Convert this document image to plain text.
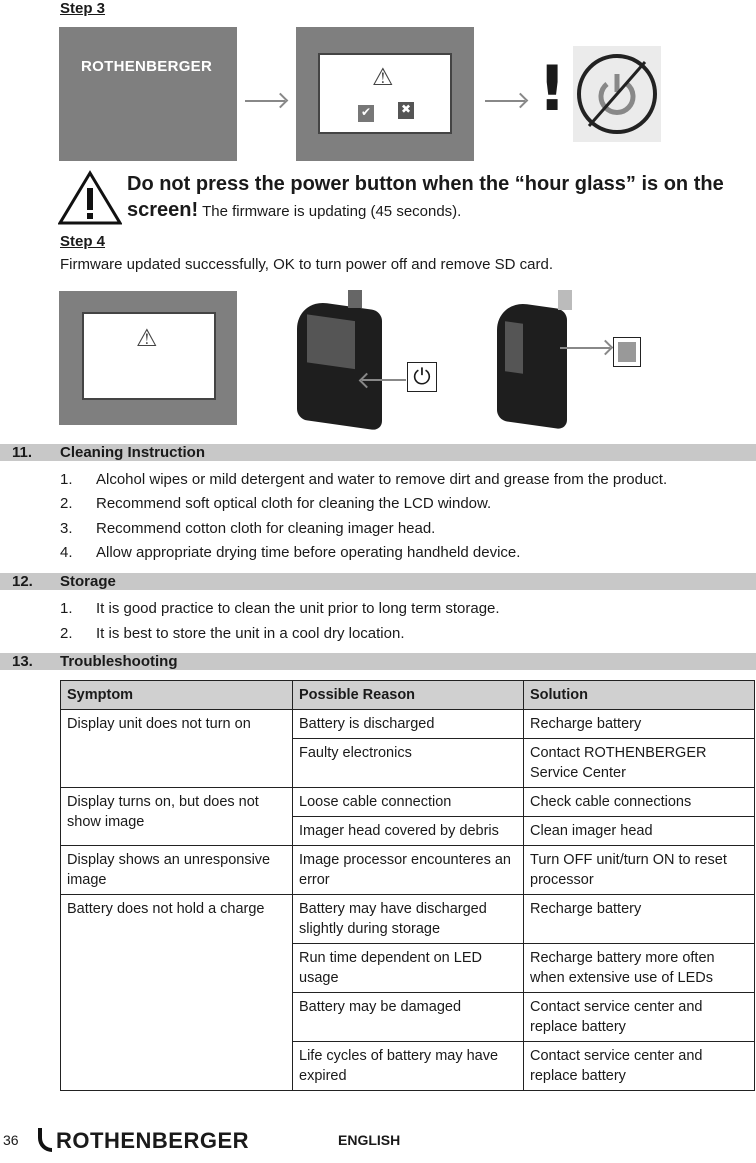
Step 3
ROTHENBERGER	⚠
✔ ✖ !
Do not press the power button when the “hour glass” is on the screen! The firmware is updating (45 seconds).
Step 4
Firmware updated successfully, OK to turn power off and remove SD card.
⚠
⏻
11. Cleaning Instruction
1. Alcohol wipes or mild detergent and water to remove dirt and grease from the product.
2. Recommend soft optical cloth for cleaning the LCD window.
3. Recommend cotton cloth for cleaning imager head.
4. Allow appropriate drying time before operating handheld device.
12. Storage
1. It is good practice to clean the unit prior to long term storage.
2. It is best to store the unit in a cool dry location.
13. Troubleshooting
Symptom	Possible Reason	Solution
Display unit does not turn on	Battery is discharged	Recharge battery
	Faulty electronics	Contact ROTHENBERGER Service Center
Display turns on, but does not show image	Loose cable connection	Check cable connections
	Imager head covered by debris	Clean imager head
Display shows an unresponsive image	Image processor encounteres an error	Turn OFF unit/turn ON to reset processor
Battery does not hold a charge	Battery may have discharged slightly during storage	Recharge battery
	Run time dependent on LED usage	Recharge battery more often when extensive use of LEDs
	Battery may be damaged	Contact service center and replace battery
	Life cycles of battery may have expired	Contact service center and replace battery
36	ROTHENBERGER	ENGLISH
